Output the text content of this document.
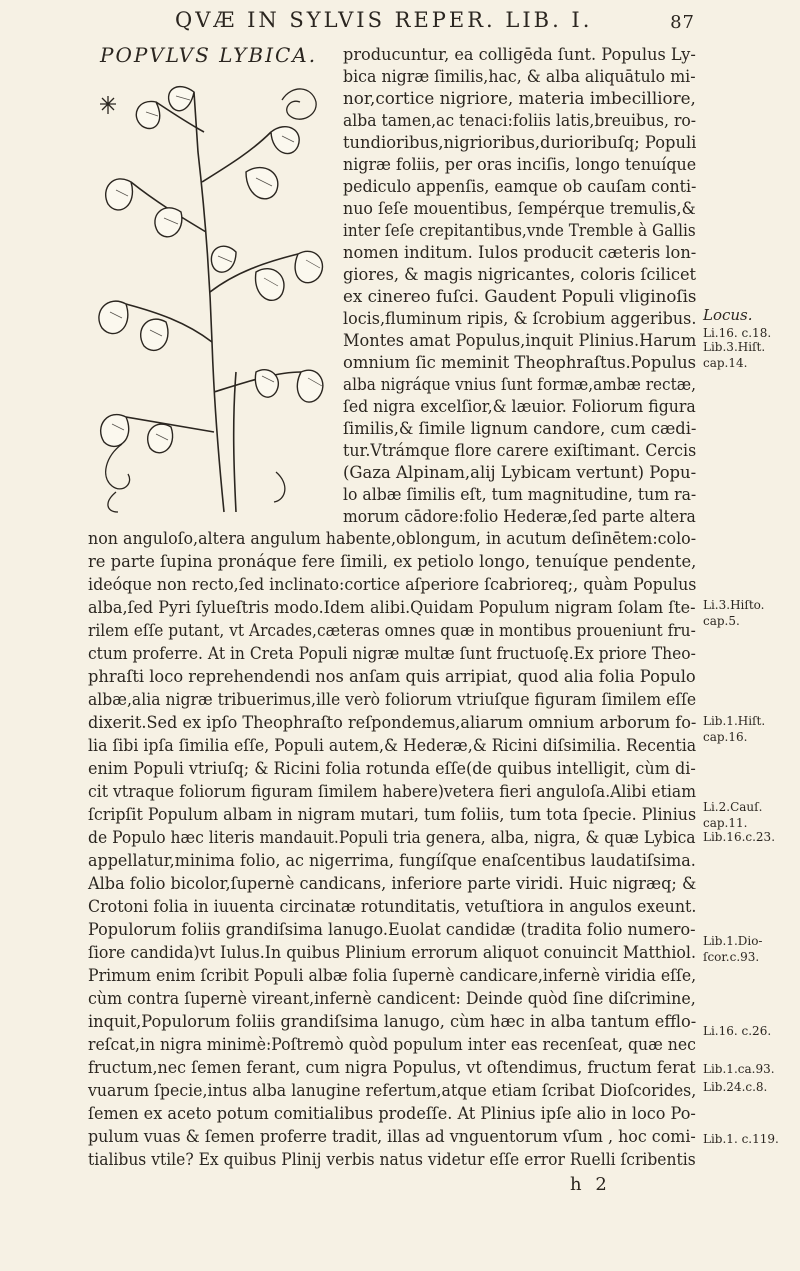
QVÆ IN SYLVIS REPER. LIB. I.	87
POPVLVS LYBICA. producuntur, ea colligēda ſunt. Populus Ly-
bica nigræ ſimilis,hac, & alba aliquātulo mi-
nor,cortice nigriore, materia imbecilliore,
alba tamen,ac tenaci:foliis latis,breuibus, ro-
tundioribus,nigrioribus,durioribuſq; Populi
nigræ foliis, per oras inciſis, longo tenuíque
pediculo appenſis, eamque ob cauſam conti-
nuo ſeſe mouentibus, ſempérque tremulis,&
inter ſeſe crepitantibus,vnde Tremble à Gallis
nomen inditum. Iulos producit cæteris lon-
giores, & magis nigricantes, coloris ſcilicet
ex cinereo fuſci. Gaudent Populi vliginoſis
locis,fluminum ripis, & ſcrobium aggeribus.
Montes amat Populus,inquit Plinius.Harum
omnium ſic meminit Theophraſtus.Populus
alba nigráque vnius ſunt formæ,ambæ rectæ,
ſed nigra excelſior,& læuior. Foliorum figura
ſimilis,& ſimile lignum candore, cum cædi-
tur.Vtrámque flore carere exiſtimant. Cercis
(Gaza Alpinam,alij Lybicam vertunt) Popu-
lo albæ ſimilis eſt, tum magnitudine, tum ra-
morum cādore:folio Hederæ,ſed parte altera
non anguloſo,altera angulum habente,oblongum, in acutum deſinētem:colo-
re parte ſupina pronáque fere ſimili, ex petiolo longo, tenuíque pendente,
ideóque non recto,ſed inclinato:cortice aſperiore ſcabrioreq;, quàm Populus
alba,ſed Pyri ſylueſtris modo.Idem alibi.Quidam Populum nigram ſolam ſte-
rilem eſſe putant, vt Arcades,cæteras omnes quæ in montibus proueniunt fru-
ctum proferre. At in Creta Populi nigræ multæ ſunt fructuoſę.Ex priore Theo-
phraſti loco reprehendendi nos anſam quis arripiat, quod alia folia Populo
albæ,alia nigræ tribuerimus,ille verò foliorum vtriuſque figuram ſimilem eſſe
dixerit.Sed ex ipſo Theophraſto reſpondemus,aliarum omnium arborum fo-
lia ſibi ipſa ſimilia eſſe, Populi autem,& Hederæ,& Ricini diſsimilia. Recentia
enim Populi vtriuſq; & Ricini folia rotunda eſſe(de quibus intelligit, cùm di-
cit vtraque foliorum figuram ſimilem habere)vetera fieri anguloſa.Alibi etiam
ſcripſit Populum albam in nigram mutari, tum foliis, tum tota ſpecie. Plinius
de Populo hæc literis mandauit.Populi tria genera, alba, nigra, & quæ Lybica
appellatur,minima folio, ac nigerrima, fungíſque enaſcentibus laudatiſsima.
Alba folio bicolor,ſupernè candicans, inferiore parte viridi. Huic nigræq; &
Crotoni folia in iuuenta circinatæ rotunditatis, vetuſtiora in angulos exeunt.
Populorum foliis grandiſsima lanugo.Euolat candidæ (tradita folio numero-
ſiore candida)vt Iulus.In quibus Plinium errorum aliquot conuincit Matthiol.
Primum enim ſcribit Populi albæ folia ſupernè candicare,infernè viridia eſſe,
cùm contra ſupernè vireant,infernè candicent: Deinde quòd ſine diſcrimine,
inquit,Populorum foliis grandiſsima lanugo, cùm hæc in alba tantum efflo-
reſcat,in nigra minimè:Poſtremò quòd populum inter eas recenſeat, quæ nec
fructum,nec ſemen ferant, cum nigra Populus, vt oſtendimus, fructum ferat
vuarum ſpecie,intus alba lanugine refertum,atque etiam ſcribat Dioſcorides,
ſemen ex aceto potum comitialibus prodeſſe. At Plinius ipſe alio in loco Po-
pulum vuas & ſemen proferre tradit, illas ad vnguentorum vſum , hoc comi-
tialibus vtile? Ex quibus Plinij verbis natus videtur eſſe error Ruelli ſcribentis
Locus.
Li.16. c.18.
Lib.3.Hiſt.
cap.14.
Li.3.Hiſto.
cap.5.
Lib.1.Hiſt.
cap.16.
Li.2.Cauſ.
cap.11.
Lib.16.c.23.
Lib.1.Dio-
ſcor.c.93.
Li.16. c.26.
Lib.1.ca.93.
Lib.24.c.8.
Lib.1. c.119.
h 2
